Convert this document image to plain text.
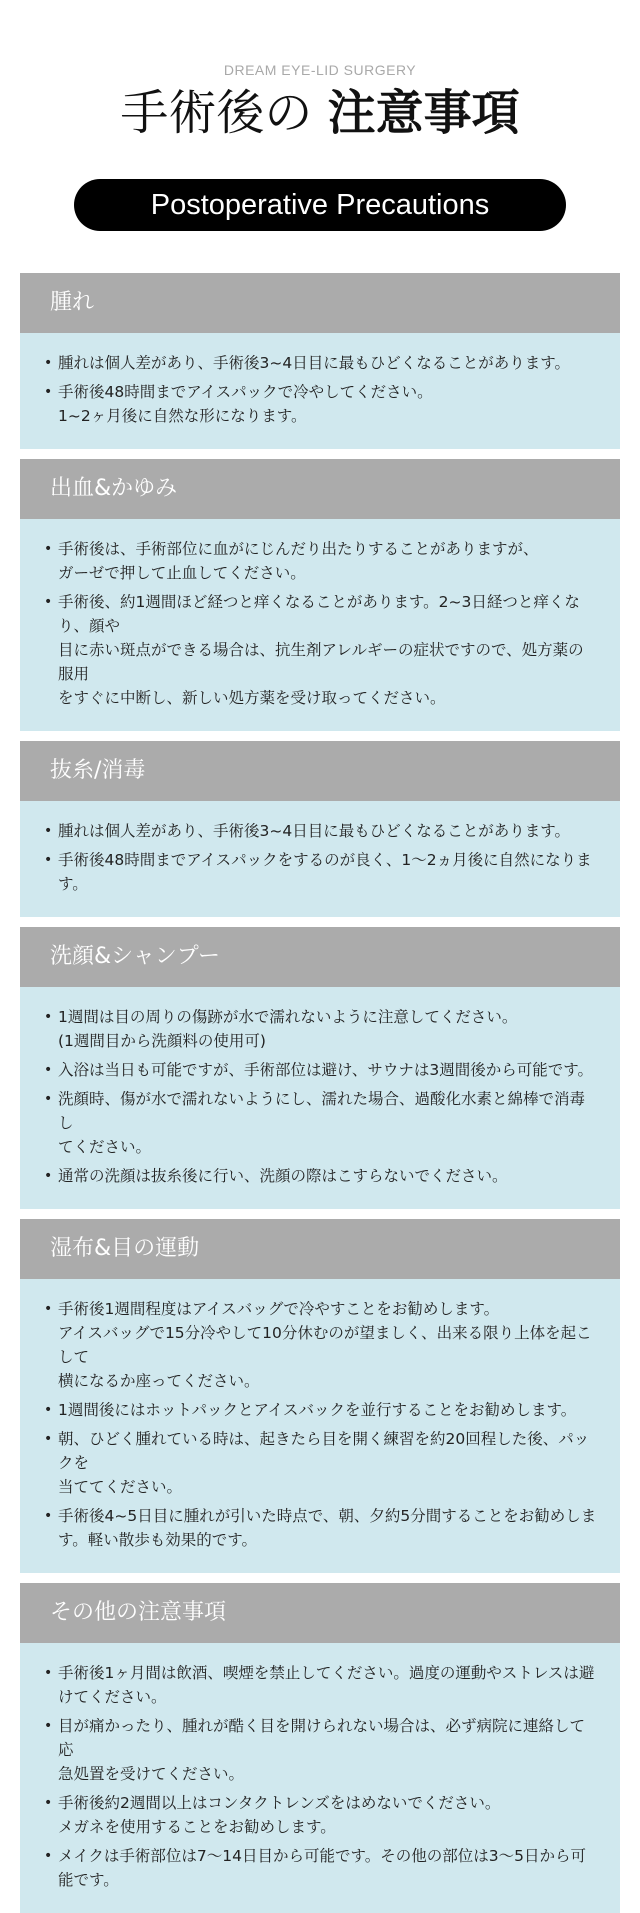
DREAM EYE-LID SURGERY
手術後の 注意事項
Postoperative Precautions
腫れ
• 腫れは個人差があり、手術後3~4日目に最もひどくなることがあります。
• 手術後48時間までアイスパックで冷やしてください。
1~2ヶ月後に自然な形になります。
出血&かゆみ
• 手術後は、手術部位に血がにじんだり出たりすることがありますが、
ガーゼで押して止血してください。
• 手術後、約1週間ほど経つと痒くなることがあります。2~3日経つと痒くなり、顔や
目に赤い斑点ができる場合は、抗生剤アレルギーの症状ですので、処方薬の服用
をすぐに中断し、新しい処方薬を受け取ってください。
抜糸/消毒
• 腫れは個人差があり、手術後3~4日目に最もひどくなることがあります。
• 手術後48時間までアイスパックをするのが良く、1～2ヵ月後に自然になりま
す。
洗顔&シャンプー
• 1週間は目の周りの傷跡が水で濡れないように注意してください。
(1週間目から洗顔料の使用可)
• 入浴は当日も可能ですが、手術部位は避け、サウナは3週間後から可能です。
• 洗顔時、傷が水で濡れないようにし、濡れた場合、過酸化水素と綿棒で消毒し
てください。
• 通常の洗顔は抜糸後に行い、洗顔の際はこすらないでください。
湿布&目の運動
• 手術後1週間程度はアイスバッグで冷やすことをお勧めします。
アイスバッグで15分冷やして10分休むのが望ましく、出来る限り上体を起こして
横になるか座ってください。
• 1週間後にはホットパックとアイスバックを並行することをお勧めします。
• 朝、ひどく腫れている時は、起きたら目を開く練習を約20回程した後、パックを
当ててください。
• 手術後4~5日目に腫れが引いた時点で、朝、夕約5分間することをお勧めしま
す。軽い散歩も効果的です。
その他の注意事項
• 手術後1ヶ月間は飲酒、喫煙を禁止してください。過度の運動やストレスは避けてください。
• 目が痛かったり、腫れが酷く目を開けられない場合は、必ず病院に連絡して応
急処置を受けてください。
• 手術後約2週間以上はコンタクトレンズをはめないでください。
メガネを使用することをお勧めします。
• メイクは手術部位は7～14日目から可能です。その他の部位は3～5日から可能です。
